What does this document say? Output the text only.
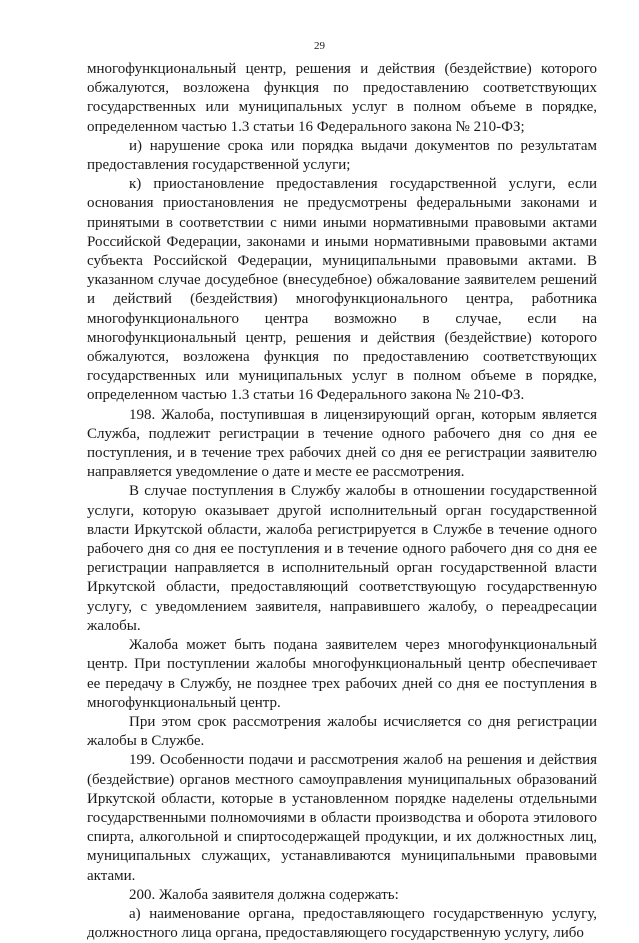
29

многофункциональный центр, решения и действия (бездействие) которого обжалуются, возложена функция по предоставлению соответствующих государственных или муниципальных услуг в полном объеме в порядке, определенном частью 1.3 статьи 16 Федерального закона № 210-ФЗ;

и) нарушение срока или порядка выдачи документов по результатам предоставления государственной услуги;

к) приостановление предоставления государственной услуги, если основания приостановления не предусмотрены федеральными законами и принятыми в соответствии с ними иными нормативными правовыми актами Российской Федерации, законами и иными нормативными правовыми актами субъекта Российской Федерации, муниципальными правовыми актами. В указанном случае досудебное (внесудебное) обжалование заявителем решений и действий (бездействия) многофункционального центра, работника многофункционального центра возможно в случае, если на многофункциональный центр, решения и действия (бездействие) которого обжалуются, возложена функция по предоставлению соответствующих государственных или муниципальных услуг в полном объеме в порядке, определенном частью 1.3 статьи 16 Федерального закона № 210-ФЗ.

198. Жалоба, поступившая в лицензирующий орган, которым является Служба, подлежит регистрации в течение одного рабочего дня со дня ее поступления, и в течение трех рабочих дней со дня ее регистрации заявителю направляется уведомление о дате и месте ее рассмотрения.

В случае поступления в Службу жалобы в отношении государственной услуги, которую оказывает другой исполнительный орган государственной власти Иркутской области, жалоба регистрируется в Службе в течение одного рабочего дня со дня ее поступления и в течение одного рабочего дня со дня ее регистрации направляется в исполнительный орган государственной власти Иркутской области, предоставляющий соответствующую государственную услугу, с уведомлением заявителя, направившего жалобу, о переадресации жалобы.

Жалоба может быть подана заявителем через многофункциональный центр. При поступлении жалобы многофункциональный центр обеспечивает ее передачу в Службу, не позднее трех рабочих дней со дня ее поступления в многофункциональный центр.

При этом срок рассмотрения жалобы исчисляется со дня регистрации жалобы в Службе.

199. Особенности подачи и рассмотрения жалоб на решения и действия (бездействие) органов местного самоуправления муниципальных образований Иркутской области, которые в установленном порядке наделены отдельными государственными полномочиями в области производства и оборота этилового спирта, алкогольной и спиртосодержащей продукции, и их должностных лиц, муниципальных служащих, устанавливаются муниципальными правовыми актами.

200. Жалоба заявителя должна содержать:

а) наименование органа, предоставляющего государственную услугу, должностного лица органа, предоставляющего государственную услугу, либо
